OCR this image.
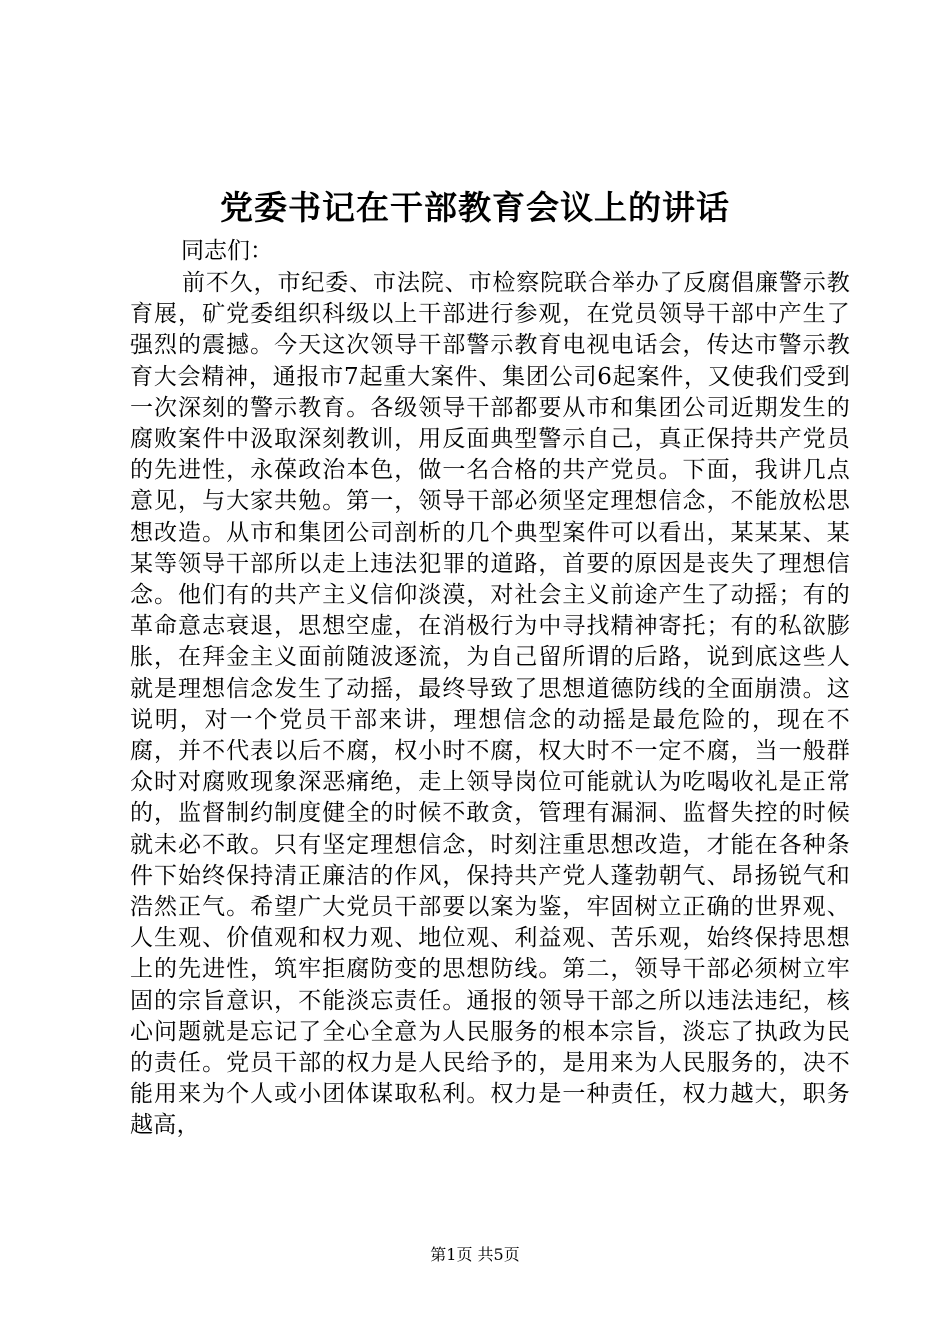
党委书记在干部教育会议上的讲话
同志们：

前不久，市纪委、市法院、市检察院联合举办了反腐倡廉警示教育展，矿党委组织科级以上干部进行参观，在党员领导干部中产生了强烈的震撼。今天这次领导干部警示教育电视电话会，传达市警示教育大会精神，通报市7起重大案件、集团公司6起案件，又使我们受到一次深刻的警示教育。各级领导干部都要从市和集团公司近期发生的腐败案件中汲取深刻教训，用反面典型警示自己，真正保持共产党员的先进性，永葆政治本色，做一名合格的共产党员。下面，我讲几点意见，与大家共勉。第一，领导干部必须坚定理想信念，不能放松思想改造。从市和集团公司剖析的几个典型案件可以看出，某某某、某某等领导干部所以走上违法犯罪的道路，首要的原因是丧失了理想信念。他们有的共产主义信仰淡漠，对社会主义前途产生了动摇；有的革命意志衰退，思想空虚，在消极行为中寻找精神寄托；有的私欲膨胀，在拜金主义面前随波逐流，为自己留所谓的后路，说到底这些人就是理想信念发生了动摇，最终导致了思想道德防线的全面崩溃。这说明，对一个党员干部来讲，理想信念的动摇是最危险的，现在不腐，并不代表以后不腐，权小时不腐，权大时不一定不腐，当一般群众时对腐败现象深恶痛绝，走上领导岗位可能就认为吃喝收礼是正常的，监督制约制度健全的时候不敢贪，管理有漏洞、监督失控的时候就未必不敢。只有坚定理想信念，时刻注重思想改造，才能在各种条件下始终保持清正廉洁的作风，保持共产党人蓬勃朝气、昂扬锐气和浩然正气。希望广大党员干部要以案为鉴，牢固树立正确的世界观、人生观、价值观和权力观、地位观、利益观、苦乐观，始终保持思想上的先进性，筑牢拒腐防变的思想防线。第二，领导干部必须树立牢固的宗旨意识，不能淡忘责任。通报的领导干部之所以违法违纪，核心问题就是忘记了全心全意为人民服务的根本宗旨，淡忘了执政为民的责任。党员干部的权力是人民给予的，是用来为人民服务的，决不能用来为个人或小团体谋取私利。权力是一种责任，权力越大，职务越高，

第1页 共5页
